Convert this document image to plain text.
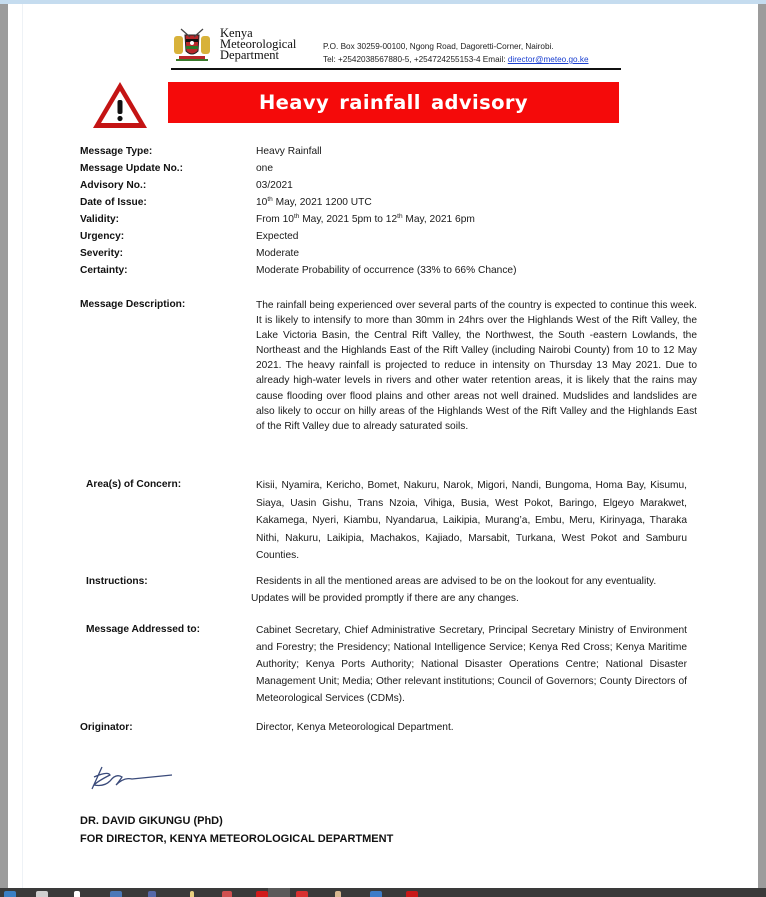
Kenya
Meteorological
Department
P.O. Box 30259-00100, Ngong Road, Dagoretti-Corner, Nairobi.
Tel: +2542038567880-5, +254724255153-4 Email: director@meteo.go.ke
Heavy rainfall advisory
Message Type:	Heavy Rainfall
Message Update No.:	one
Advisory No.:	03/2021
Date of Issue:	10th May, 2021 1200 UTC
Validity:	From 10th May, 2021 5pm to 12th May, 2021 6pm
Urgency:	Expected
Severity:	Moderate
Certainty:	Moderate Probability of occurrence (33% to 66% Chance)
Message Description:	The rainfall being experienced over several parts of the country is expected to continue this week. It is likely to intensify to more than 30mm in 24hrs over the Highlands West of the Rift Valley, the Lake Victoria Basin, the Central Rift Valley, the Northwest, the South -eastern Lowlands, the Northeast and the Highlands East of the Rift Valley (including Nairobi County) from 10 to 12 May 2021. The heavy rainfall is projected to reduce in intensity on Thursday 13 May 2021. Due to already high-water levels in rivers and other water retention areas, it is likely that the rains may cause flooding over flood plains and other areas not well drained. Mudslides and landslides are also likely to occur on hilly areas of the Highlands West of the Rift Valley and the Highlands East of the Rift Valley due to already saturated soils.
Area(s) of Concern:	Kisii, Nyamira, Kericho, Bomet, Nakuru, Narok, Migori, Nandi, Bungoma, Homa Bay, Kisumu, Siaya, Uasin Gishu, Trans Nzoia, Vihiga, Busia, West Pokot, Baringo, Elgeyo Marakwet, Kakamega, Nyeri, Kiambu, Nyandarua, Laikipia, Murang’a, Embu, Meru, Kirinyaga, Tharaka Nithi, Nakuru, Laikipia, Machakos, Kajiado, Marsabit, Turkana, West Pokot and Samburu Counties.
Instructions:	Residents in all the mentioned areas are advised to be on the lookout for any eventuality.
Updates will be provided promptly if there are any changes.
Message Addressed to:	Cabinet Secretary, Chief Administrative Secretary, Principal Secretary Ministry of Environment and Forestry; the Presidency; National Intelligence Service; Kenya Red Cross; Kenya Maritime Authority; Kenya Ports Authority; National Disaster Operations Centre; National Disaster Management Unit; Media; Other relevant institutions; Council of Governors; County Directors of Meteorological Services (CDMs).
Originator:	Director, Kenya Meteorological Department.
DR. DAVID GIKUNGU (PhD)
FOR DIRECTOR, KENYA METEOROLOGICAL DEPARTMENT
